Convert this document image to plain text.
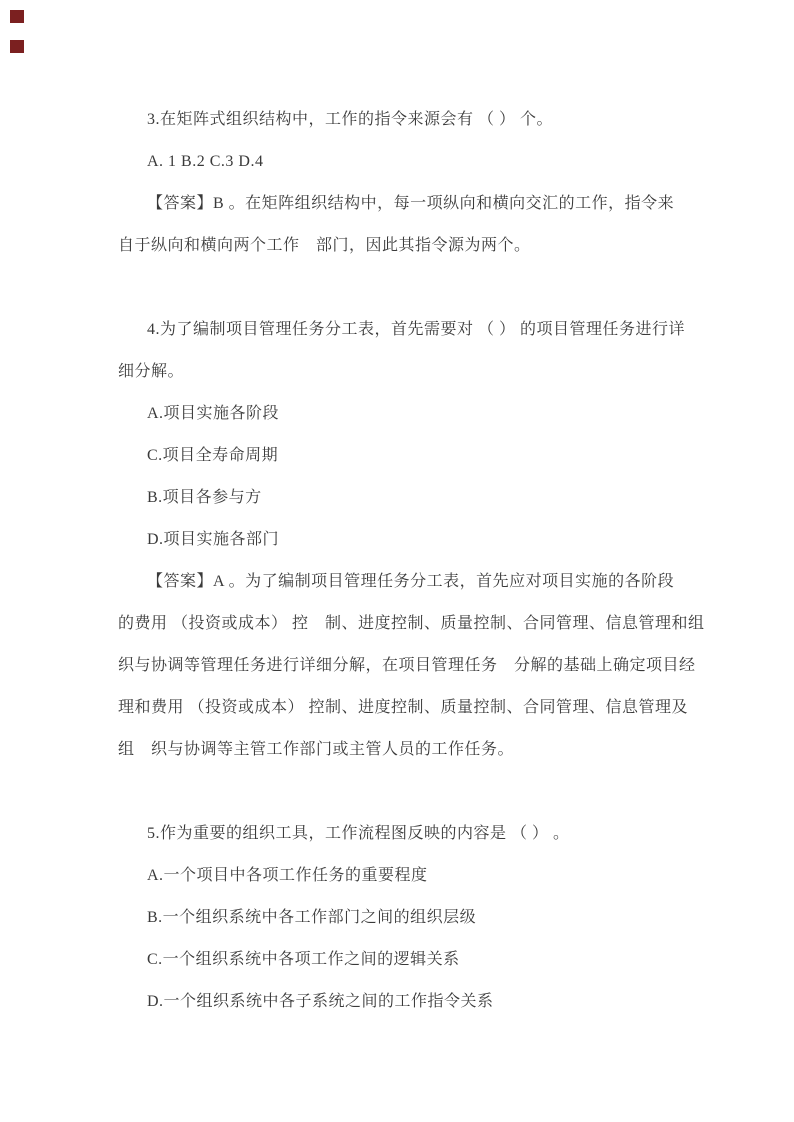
3.在矩阵式组织结构中，工作的指令来源会有 （ ） 个。
A. 1 B.2 C.3 D.4
【答案】B 。在矩阵组织结构中，每一项纵向和横向交汇的工作，指令来
自于纵向和横向两个工作　部门，因此其指令源为两个。
4.为了编制项目管理任务分工表，首先需要对 （ ） 的项目管理任务进行详
细分解。
A.项目实施各阶段
C.项目全寿命周期
B.项目各参与方
D.项目实施各部门
【答案】A 。为了编制项目管理任务分工表，首先应对项目实施的各阶段
的费用 （投资或成本） 控　制、进度控制、质量控制、合同管理、信息管理和组
织与协调等管理任务进行详细分解，在项目管理任务　分解的基础上确定项目经
理和费用 （投资或成本） 控制、进度控制、质量控制、合同管理、信息管理及
组　织与协调等主管工作部门或主管人员的工作任务。
5.作为重要的组织工具，工作流程图反映的内容是 （ ） 。
A.一个项目中各项工作任务的重要程度
B.一个组织系统中各工作部门之间的组织层级
C.一个组织系统中各项工作之间的逻辑关系
D.一个组织系统中各子系统之间的工作指令关系
